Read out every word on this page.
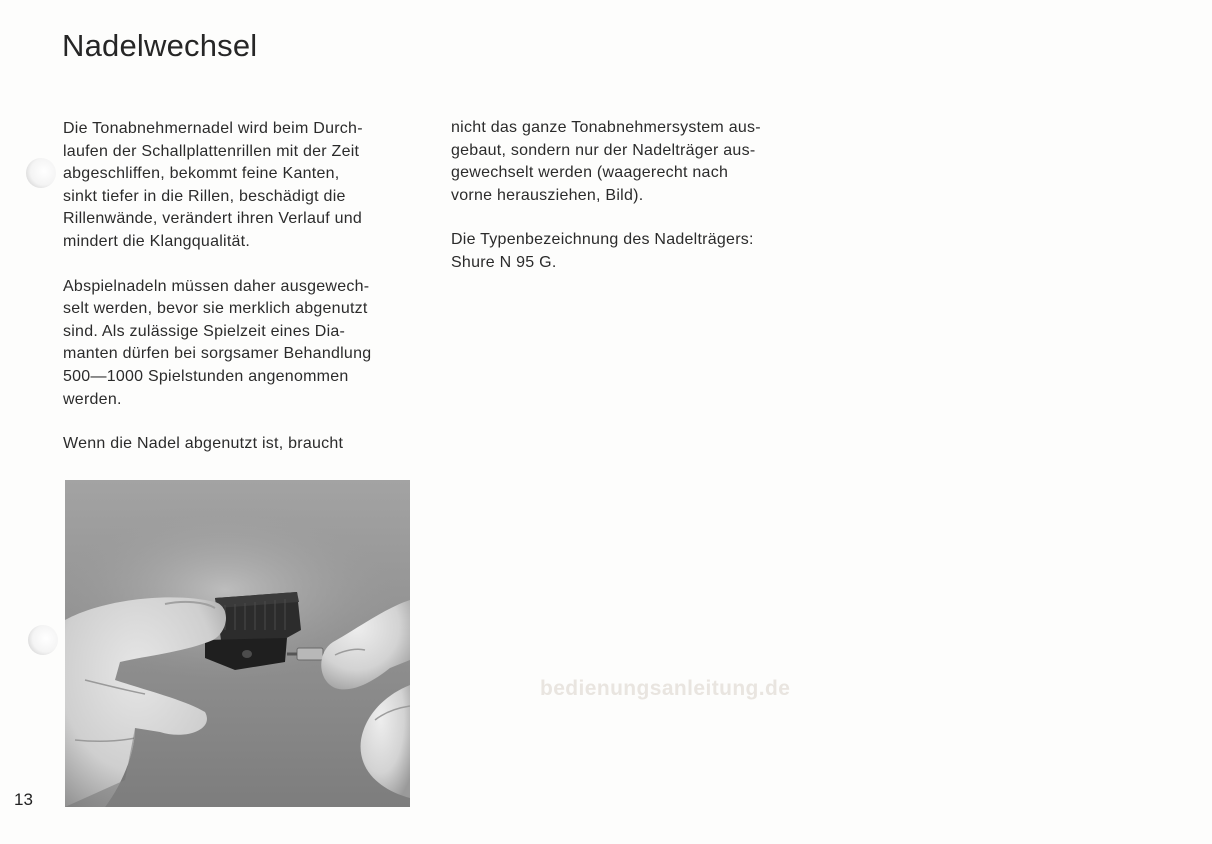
Nadelwechsel

Die Tonabnehmernadel wird beim Durch-
laufen der Schallplattenrillen mit der Zeit
abgeschliffen, bekommt feine Kanten,
sinkt tiefer in die Rillen, beschädigt die
Rillenwände, verändert ihren Verlauf und
mindert die Klangqualität.

Abspielnadeln müssen daher ausgewech-
selt werden, bevor sie merklich abgenutzt
sind. Als zulässige Spielzeit eines Dia-
manten dürfen bei sorgsamer Behandlung
500—1000 Spielstunden angenommen
werden.

Wenn die Nadel abgenutzt ist, braucht

nicht das ganze Tonabnehmersystem aus-
gebaut, sondern nur der Nadelträger aus-
gewechselt werden (waagerecht nach
vorne herausziehen, Bild).

Die Typenbezeichnung des Nadelträgers:
Shure N 95 G.

bedienungsanleitung.de
13
